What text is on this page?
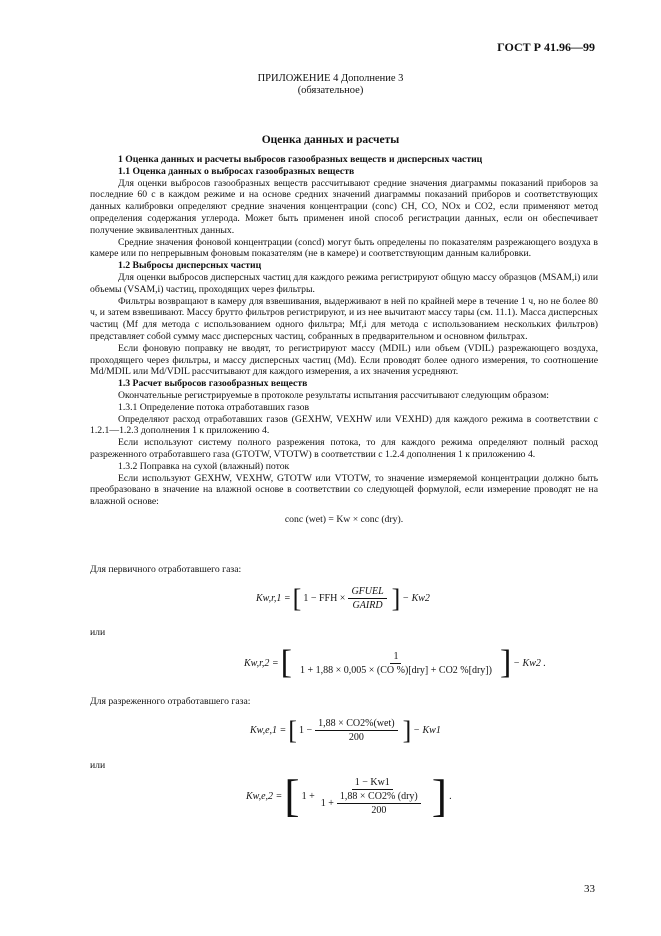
ГОСТ Р 41.96—99
ПРИЛОЖЕНИЕ 4 Дополнение 3
(обязательное)
Оценка данных и расчеты

1 Оценка данных и расчеты выбросов газообразных веществ и дисперсных частиц

1.1 Оценка данных о выбросах газообразных веществ

Для оценки выбросов газообразных веществ рассчитывают средние значения диаграммы показаний приборов за последние 60 с в каждом режиме и на основе средних значений диаграммы показаний приборов и соответствующих данных калибровки определяют средние значения концентрации (conc) CH, CO, NOx и CO2, если применяют метод определения содержания углерода. Может быть применен иной способ регистрации данных, если он обеспечивает получение эквивалентных данных.

Средние значения фоновой концентрации (concd) могут быть определены по показателям разрежающего воздуха в камере или по непрерывным фоновым показателям (не в камере) и соответствующим данным калибровки.

1.2 Выбросы дисперсных частиц

Для оценки выбросов дисперсных частиц для каждого режима регистрируют общую массу образцов (MSAM,i) или объемы (VSAM,i) частиц, проходящих через фильтры.

Фильтры возвращают в камеру для взвешивания, выдерживают в ней по крайней мере в течение 1 ч, но не более 80 ч, и затем взвешивают. Массу брутто фильтров регистрируют, и из нее вычитают массу тары (см. 11.1). Масса дисперсных частиц (Mf для метода с использованием одного фильтра; Mf,i для метода с использованием нескольких фильтров) представляет собой сумму масс дисперсных частиц, собранных в предварительном и основном фильтрах.

Если фоновую поправку не вводят, то регистрируют массу (MDIL) или объем (VDIL) разрежающего воздуха, проходящего через фильтры, и массу дисперсных частиц (Md). Если проводят более одного измерения, то соотношение Md/MDIL или Md/VDIL рассчитывают для каждого измерения, а их значения усредняют.

1.3 Расчет выбросов газообразных веществ

Окончательные регистрируемые в протоколе результаты испытания рассчитывают следующим образом:

1.3.1 Определение потока отработавших газов

Определяют расход отработавших газов (GEXHW, VEXHW или VEXHD) для каждого режима в соответствии с 1.2.1—1.2.3 дополнения 1 к приложению 4.

Если используют систему полного разрежения потока, то для каждого режима определяют полный расход разреженного отработавшего газа (GTOTW, VTOTW) в соответствии с 1.2.4 дополнения 1 к приложению 4.

1.3.2 Поправка на сухой (влажный) поток

Если используют GEXHW, VEXHW, GTOTW или VTOTW, то значение измеряемой концентрации должно быть преобразовано в значение на влажной основе в соответствии со следующей формулой, если измерение проводят не на влажной основе:

conc (wet) = Kw × conc (dry).

Для первичного отработавшего газа:
Kw,r,1 = [ 1 − FFH × $\frac{\text{GFUEL}}{\text{GAIRD}}$ ] − Kw2
или
Kw,r,2 = [ $\frac{1}{\text{1 + 1,88 × 0,005 × (CO \%)[dry] + CO2 \%[dry])}}$ ] − Kw2 .
Для разреженного отработавшего газа:
Kw,e,1 = [ $1 - \frac{\text{1,88 × CO2\%(wet)}}{200}$ ] − Kw1
или
Kw,e,2 = [ $1 + \frac{1 - Kw1}{1 + \frac{\text{1,88 × CO2\% (dry)}}{200}}$ ] .
33
